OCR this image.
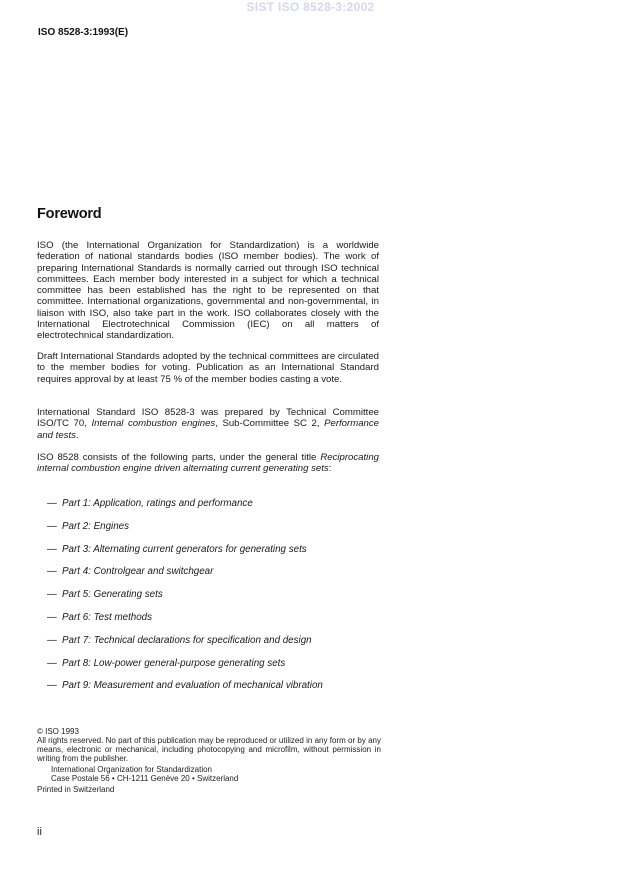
SIST ISO 8528-3:2002
ISO 8528-3:1993(E)
Foreword

ISO (the International Organization for Standardization) is a worldwide federation of national standards bodies (ISO member bodies). The work of preparing International Standards is normally carried out through ISO technical committees. Each member body interested in a subject for which a technical committee has been established has the right to be represented on that committee. International organizations, governmental and non-governmental, in liaison with ISO, also take part in the work. ISO collaborates closely with the International Electrotechnical Commission (IEC) on all matters of electrotechnical standardization.

Draft International Standards adopted by the technical committees are circulated to the member bodies for voting. Publication as an International Standard requires approval by at least 75 % of the member bodies casting a vote.

International Standard ISO 8528-3 was prepared by Technical Committee ISO/TC 70, Internal combustion engines, Sub-Committee SC 2, Performance and tests.

ISO 8528 consists of the following parts, under the general title Reciprocating internal combustion engine driven alternating current generating sets:

— Part 1: Application, ratings and performance
— Part 2: Engines
— Part 3: Alternating current generators for generating sets
— Part 4: Controlgear and switchgear
— Part 5: Generating sets
— Part 6: Test methods
— Part 7: Technical declarations for specification and design
— Part 8: Low-power general-purpose generating sets
— Part 9: Measurement and evaluation of mechanical vibration
© ISO 1993
All rights reserved. No part of this publication may be reproduced or utilized in any form or by any means, electronic or mechanical, including photocopying and microfilm, without permission in writing from the publisher.
International Organization for Standardization
Case Postale 56 • CH-1211 Genève 20 • Switzerland
Printed in Switzerland
ii
